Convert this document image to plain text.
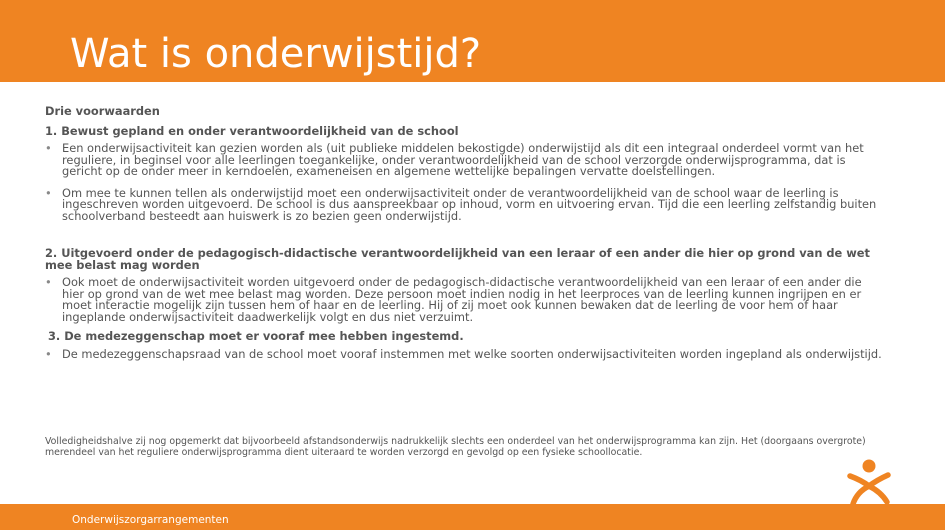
Wat is onderwijstijd?

Drie voorwaarden

1. Bewust gepland en onder verantwoordelijkheid van de school

• Een onderwijsactiviteit kan gezien worden als (uit publieke middelen bekostigde) onderwijstijd als dit een integraal onderdeel vormt van het reguliere, in beginsel voor alle leerlingen toegankelijke, onder verantwoordelijkheid van de school verzorgde onderwijsprogramma, dat is gericht op de onder meer in kerndoelen, exameneisen en algemene wettelijke bepalingen vervatte doelstellingen.
• Om mee te kunnen tellen als onderwijstijd moet een onderwijsactiviteit onder de verantwoordelijkheid van de school waar de leerling is ingeschreven worden uitgevoerd. De school is dus aanspreekbaar op inhoud, vorm en uitvoering ervan. Tijd die een leerling zelfstandig buiten schoolverband besteedt aan huiswerk is zo bezien geen onderwijstijd.

2. Uitgevoerd onder de pedagogisch-didactische verantwoordelijkheid van een leraar of een ander die hier op grond van de wet mee belast mag worden

• Ook moet de onderwijsactiviteit worden uitgevoerd onder de pedagogisch-didactische verantwoordelijkheid van een leraar of een ander die hier op grond van de wet mee belast mag worden. Deze persoon moet indien nodig in het leerproces van de leerling kunnen ingrijpen en er moet interactie mogelijk zijn tussen hem of haar en de leerling. Hij of zij moet ook kunnen bewaken dat de leerling de voor hem of haar ingeplande onderwijsactiviteit daadwerkelijk volgt en dus niet verzuimt.

3. De medezeggenschap moet er vooraf mee hebben ingestemd.

• De medezeggenschapsraad van de school moet vooraf instemmen met welke soorten onderwijsactiviteiten worden ingepland als onderwijstijd.
Volledigheidshalve zij nog opgemerkt dat bijvoorbeeld afstandsonderwijs nadrukkelijk slechts een onderdeel van het onderwijsprogramma kan zijn. Het (doorgaans overgrote) merendeel van het reguliere onderwijsprogramma dient uiteraard te worden verzorgd en gevolgd op een fysieke schoollocatie.
Onderwijszorgarrangementen
